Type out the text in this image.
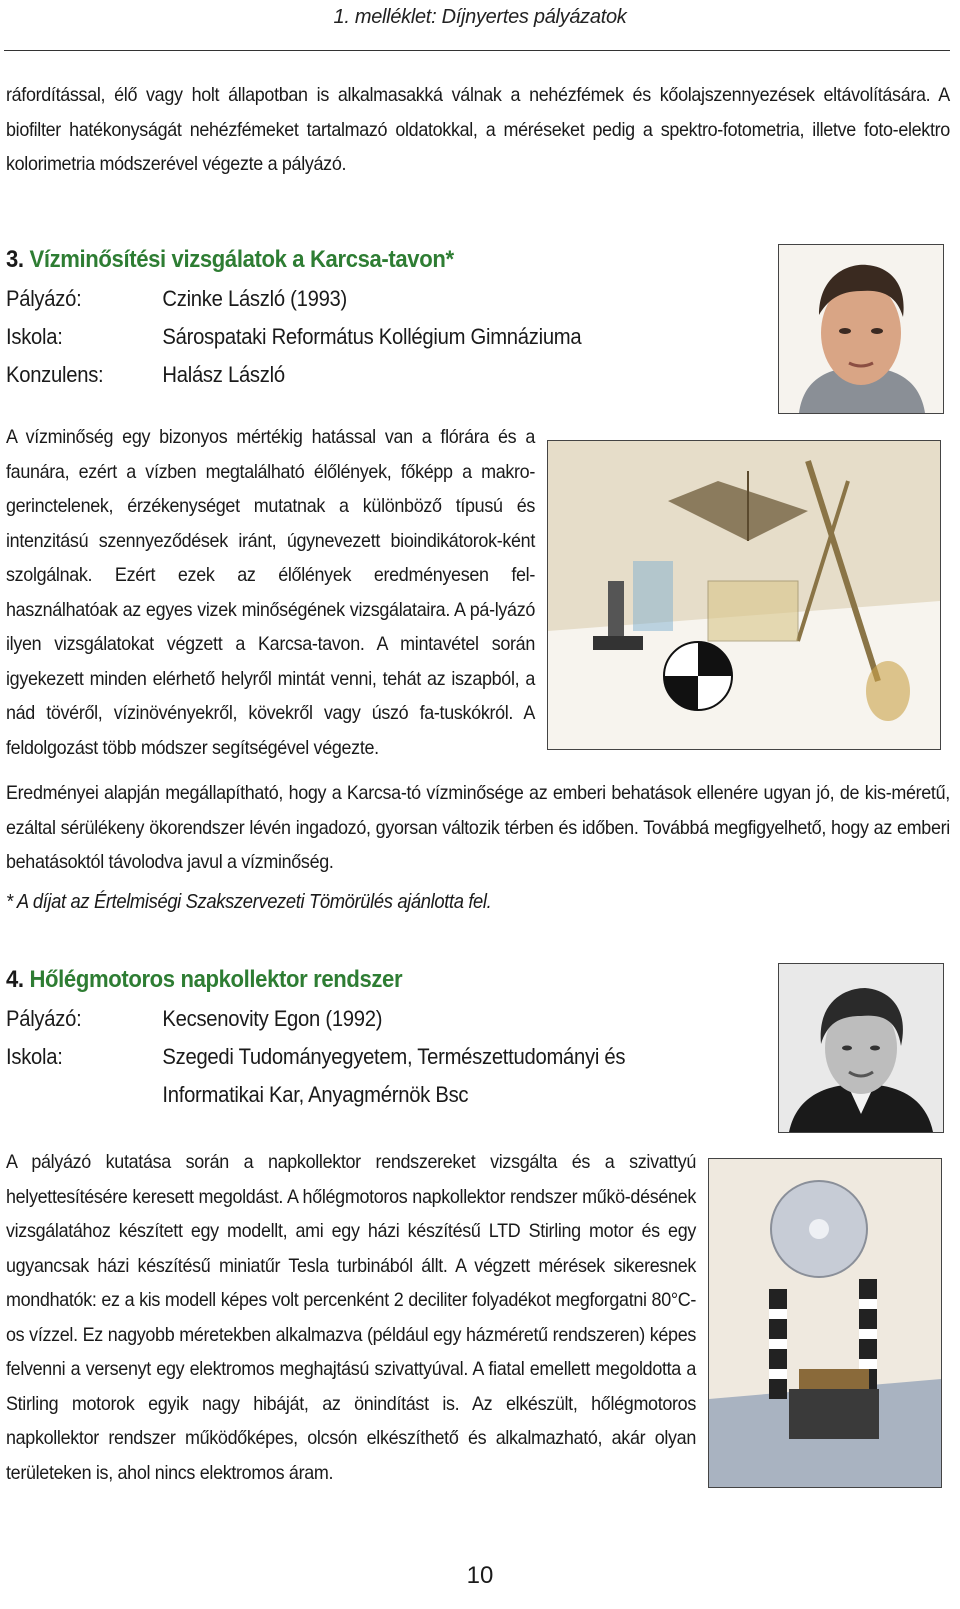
1. melléklet: Díjnyertes pályázatok
ráfordítással, élő vagy holt állapotban is alkalmasakká válnak a nehézfémek és kőolajszennyezések eltávolítására. A biofilter hatékonyságát nehézfémeket tartalmazó oldatokkal, a méréseket pedig a spektro-fotometria, illetve foto-elektro kolorimetria módszerével végezte a pályázó.
3. Vízminősítési vizsgálatok a Karcsa-tavon*
Pályázó:	Czinke László (1993)
Iskola:	Sárospataki Református Kollégium Gimnáziuma
Konzulens:	Halász László
A vízminőség egy bizonyos mértékig hatással van a flórára és a faunára, ezért a vízben megtalálható élőlények, főképp a makro-gerinctelenek, érzékenységet mutatnak a különböző típusú és intenzitású szennyeződések iránt, úgynevezett bioindikátorok-ként szolgálnak. Ezért ezek az élőlények eredményesen fel-használhatóak az egyes vizek minőségének vizsgálataira. A pá-lyázó ilyen vizsgálatokat végzett a Karcsa-tavon. A mintavétel során igyekezett minden elérhető helyről mintát venni, tehát az iszapból, a nád tövéről, vízinövényekről, kövekről vagy úszó fa-tuskókról. A feldolgozást több módszer segítségével végezte.
Eredményei alapján megállapítható, hogy a Karcsa-tó vízminősége az emberi behatások ellenére ugyan jó, de kis-méretű, ezáltal sérülékeny ökorendszer lévén ingadozó, gyorsan változik térben és időben. Továbbá megfigyelhető, hogy az emberi behatásoktól távolodva javul a vízminőség.
* A díjat az Értelmiségi Szakszervezeti Tömörülés ajánlotta fel.
4. Hőlégmotoros napkollektor rendszer
Pályázó:	Kecsenovity Egon (1992)
Iskola:	Szegedi Tudományegyetem, Természettudományi és
Informatikai Kar, Anyagmérnök Bsc
A pályázó kutatása során a napkollektor rendszereket vizsgálta és a szivattyú helyettesítésére keresett megoldást. A hőlégmotoros napkollektor rendszer műkö-désének vizsgálatához készített egy modellt, ami egy házi készítésű LTD Stirling motor és egy ugyancsak házi készítésű miniatűr Tesla turbinából állt. A végzett mérések sikeresnek mondhatók: ez a kis modell képes volt percenként 2 deciliter folyadékot megforgatni 80°C-os vízzel. Ez nagyobb méretekben alkalmazva (például egy házméretű rendszeren) képes felvenni a versenyt egy elektromos meghajtású szivattyúval. A fiatal emellett megoldotta a Stirling motorok egyik nagy hibáját, az önindítást is. Az elkészült, hőlégmotoros napkollektor rendszer működőképes, olcsón elkészíthető és alkalmazható, akár olyan területeken is, ahol nincs elektromos áram.
10
